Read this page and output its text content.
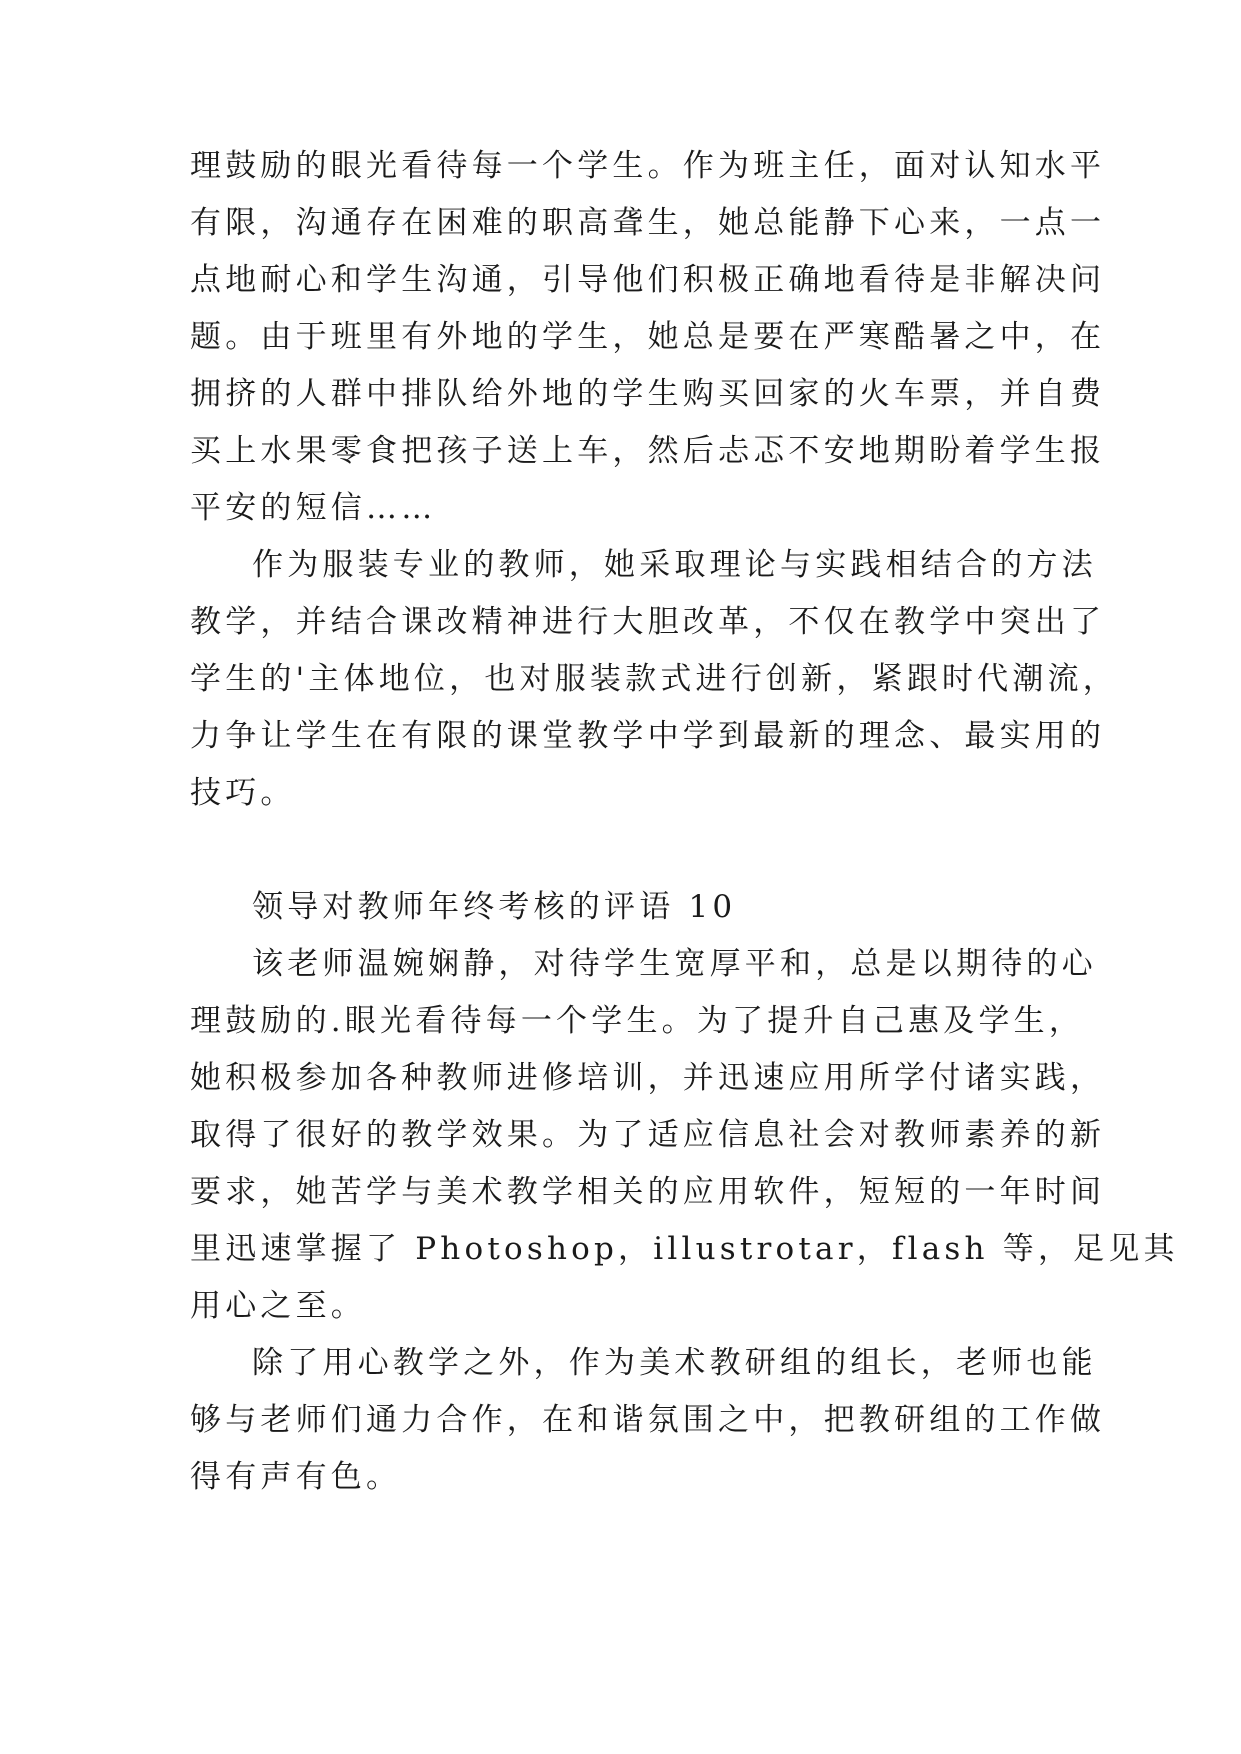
理鼓励的眼光看待每一个学生。作为班主任，面对认知水平
有限，沟通存在困难的职高聋生，她总能静下心来，一点一
点地耐心和学生沟通，引导他们积极正确地看待是非解决问
题。由于班里有外地的学生，她总是要在严寒酷暑之中，在
拥挤的人群中排队给外地的学生购买回家的火车票，并自费
买上水果零食把孩子送上车，然后忐忑不安地期盼着学生报
平安的短信……
作为服装专业的教师，她采取理论与实践相结合的方法
教学，并结合课改精神进行大胆改革，不仅在教学中突出了
学生的'主体地位，也对服装款式进行创新，紧跟时代潮流，
力争让学生在有限的课堂教学中学到最新的理念、最实用的
技巧。
领导对教师年终考核的评语 10
该老师温婉娴静，对待学生宽厚平和，总是以期待的心
理鼓励的.眼光看待每一个学生。为了提升自己惠及学生，
她积极参加各种教师进修培训，并迅速应用所学付诸实践，
取得了很好的教学效果。为了适应信息社会对教师素养的新
要求，她苦学与美术教学相关的应用软件，短短的一年时间
里迅速掌握了 Photoshop，illustrotar，flash 等，足见其
用心之至。
除了用心教学之外，作为美术教研组的组长，老师也能
够与老师们通力合作，在和谐氛围之中，把教研组的工作做
得有声有色。
